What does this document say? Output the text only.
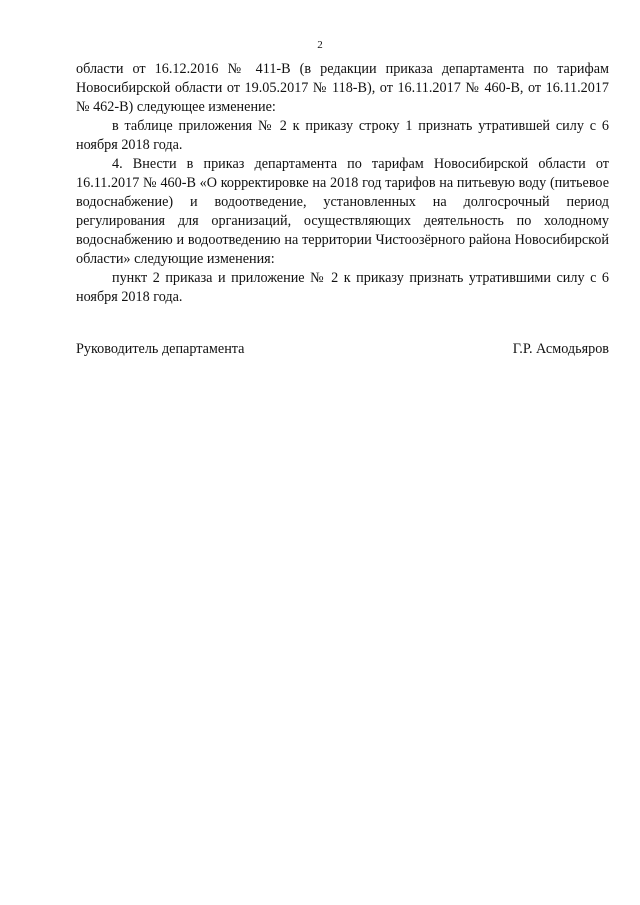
2

области от 16.12.2016 № 411-В (в редакции приказа департамента по тарифам Новосибирской области от 19.05.2017 № 118-В), от 16.11.2017 № 460-В, от 16.11.2017 № 462-В) следующее изменение:

в таблице приложения № 2 к приказу строку 1 признать утратившей силу с 6 ноября 2018 года.

4. Внести в приказ департамента по тарифам Новосибирской области от 16.11.2017 № 460-В «О корректировке на 2018 год тарифов на питьевую воду (питьевое водоснабжение) и водоотведение, установленных на долгосрочный период регулирования для организаций, осуществляющих деятельность по холодному водоснабжению и водоотведению на территории Чистоозёрного района Новосибирской области» следующие изменения:

пункт 2 приказа и приложение № 2 к приказу признать утратившими силу с 6 ноября 2018 года.

Руководитель департамента	Г.Р. Асмодьяров
